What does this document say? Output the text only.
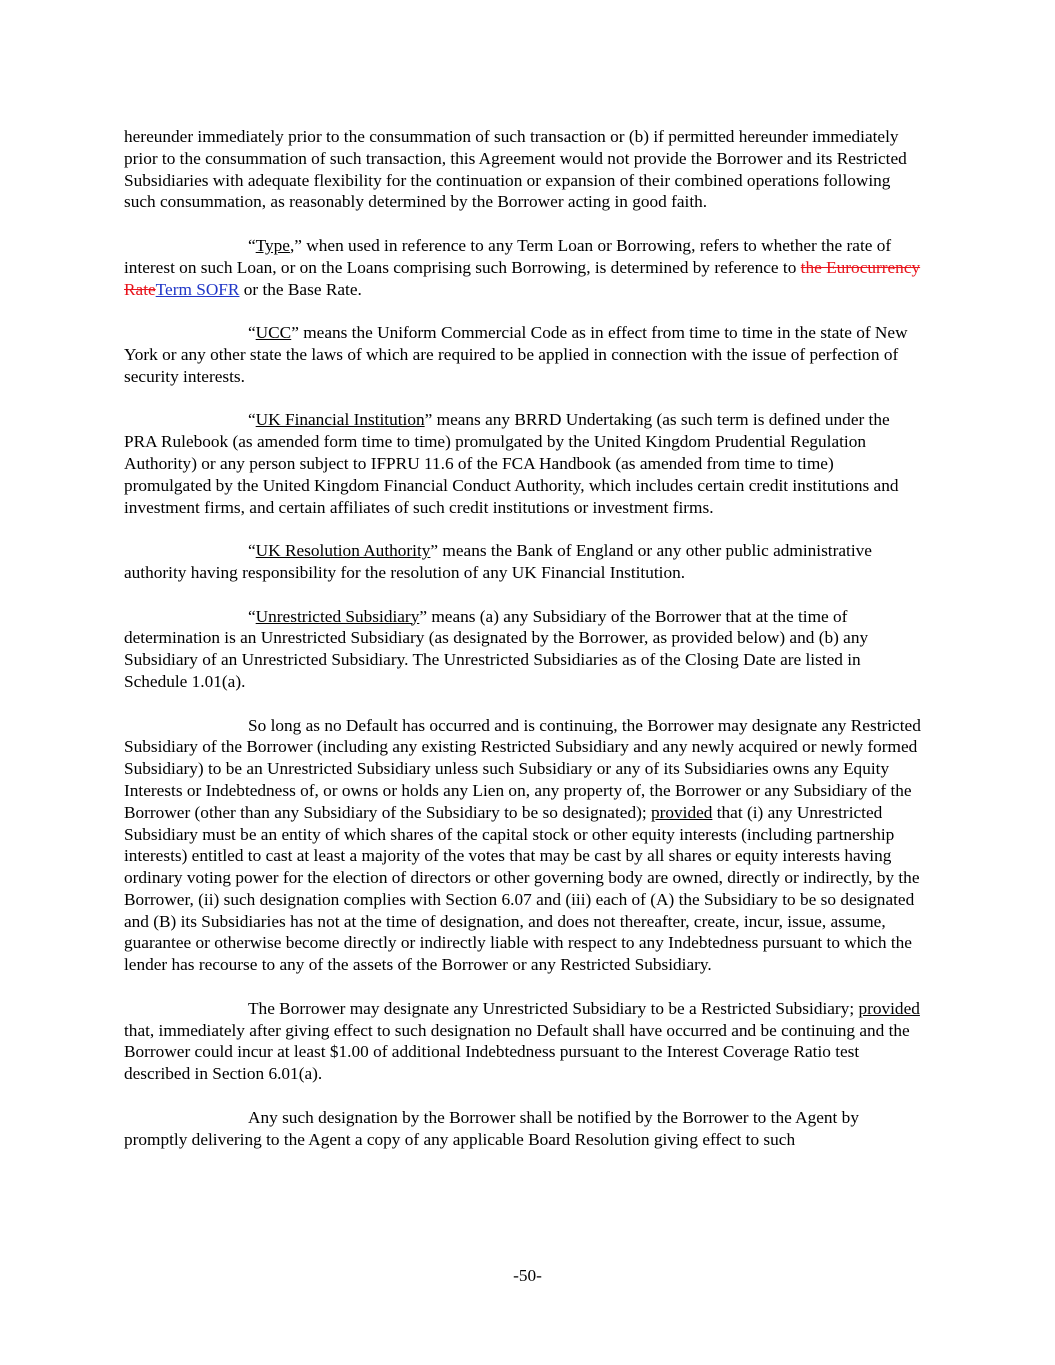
hereunder immediately prior to the consummation of such transaction or (b) if permitted hereunder immediately prior to the consummation of such transaction, this Agreement would not provide the Borrower and its Restricted Subsidiaries with adequate flexibility for the continuation or expansion of their combined operations following such consummation, as reasonably determined by the Borrower acting in good faith.

“Type,” when used in reference to any Term Loan or Borrowing, refers to whether the rate of interest on such Loan, or on the Loans comprising such Borrowing, is determined by reference to the Eurocurrency RateTerm SOFR or the Base Rate.

“UCC” means the Uniform Commercial Code as in effect from time to time in the state of New York or any other state the laws of which are required to be applied in connection with the issue of perfection of security interests.

“UK Financial Institution” means any BRRD Undertaking (as such term is defined under the PRA Rulebook (as amended form time to time) promulgated by the United Kingdom Prudential Regulation Authority) or any person subject to IFPRU 11.6 of the FCA Handbook (as amended from time to time) promulgated by the United Kingdom Financial Conduct Authority, which includes certain credit institutions and investment firms, and certain affiliates of such credit institutions or investment firms.

“UK Resolution Authority” means the Bank of England or any other public administrative authority having responsibility for the resolution of any UK Financial Institution.

“Unrestricted Subsidiary” means (a) any Subsidiary of the Borrower that at the time of determination is an Unrestricted Subsidiary (as designated by the Borrower, as provided below) and (b) any Subsidiary of an Unrestricted Subsidiary. The Unrestricted Subsidiaries as of the Closing Date are listed in Schedule 1.01(a).

So long as no Default has occurred and is continuing, the Borrower may designate any Restricted Subsidiary of the Borrower (including any existing Restricted Subsidiary and any newly acquired or newly formed Subsidiary) to be an Unrestricted Subsidiary unless such Subsidiary or any of its Subsidiaries owns any Equity Interests or Indebtedness of, or owns or holds any Lien on, any property of, the Borrower or any Subsidiary of the Borrower (other than any Subsidiary of the Subsidiary to be so designated); provided that (i) any Unrestricted Subsidiary must be an entity of which shares of the capital stock or other equity interests (including partnership interests) entitled to cast at least a majority of the votes that may be cast by all shares or equity interests having ordinary voting power for the election of directors or other governing body are owned, directly or indirectly, by the Borrower, (ii) such designation complies with Section 6.07 and (iii) each of (A) the Subsidiary to be so designated and (B) its Subsidiaries has not at the time of designation, and does not thereafter, create, incur, issue, assume, guarantee or otherwise become directly or indirectly liable with respect to any Indebtedness pursuant to which the lender has recourse to any of the assets of the Borrower or any Restricted Subsidiary.

The Borrower may designate any Unrestricted Subsidiary to be a Restricted Subsidiary; provided that, immediately after giving effect to such designation no Default shall have occurred and be continuing and the Borrower could incur at least $1.00 of additional Indebtedness pursuant to the Interest Coverage Ratio test described in Section 6.01(a).

Any such designation by the Borrower shall be notified by the Borrower to the Agent by promptly delivering to the Agent a copy of any applicable Board Resolution giving effect to such

-50-
